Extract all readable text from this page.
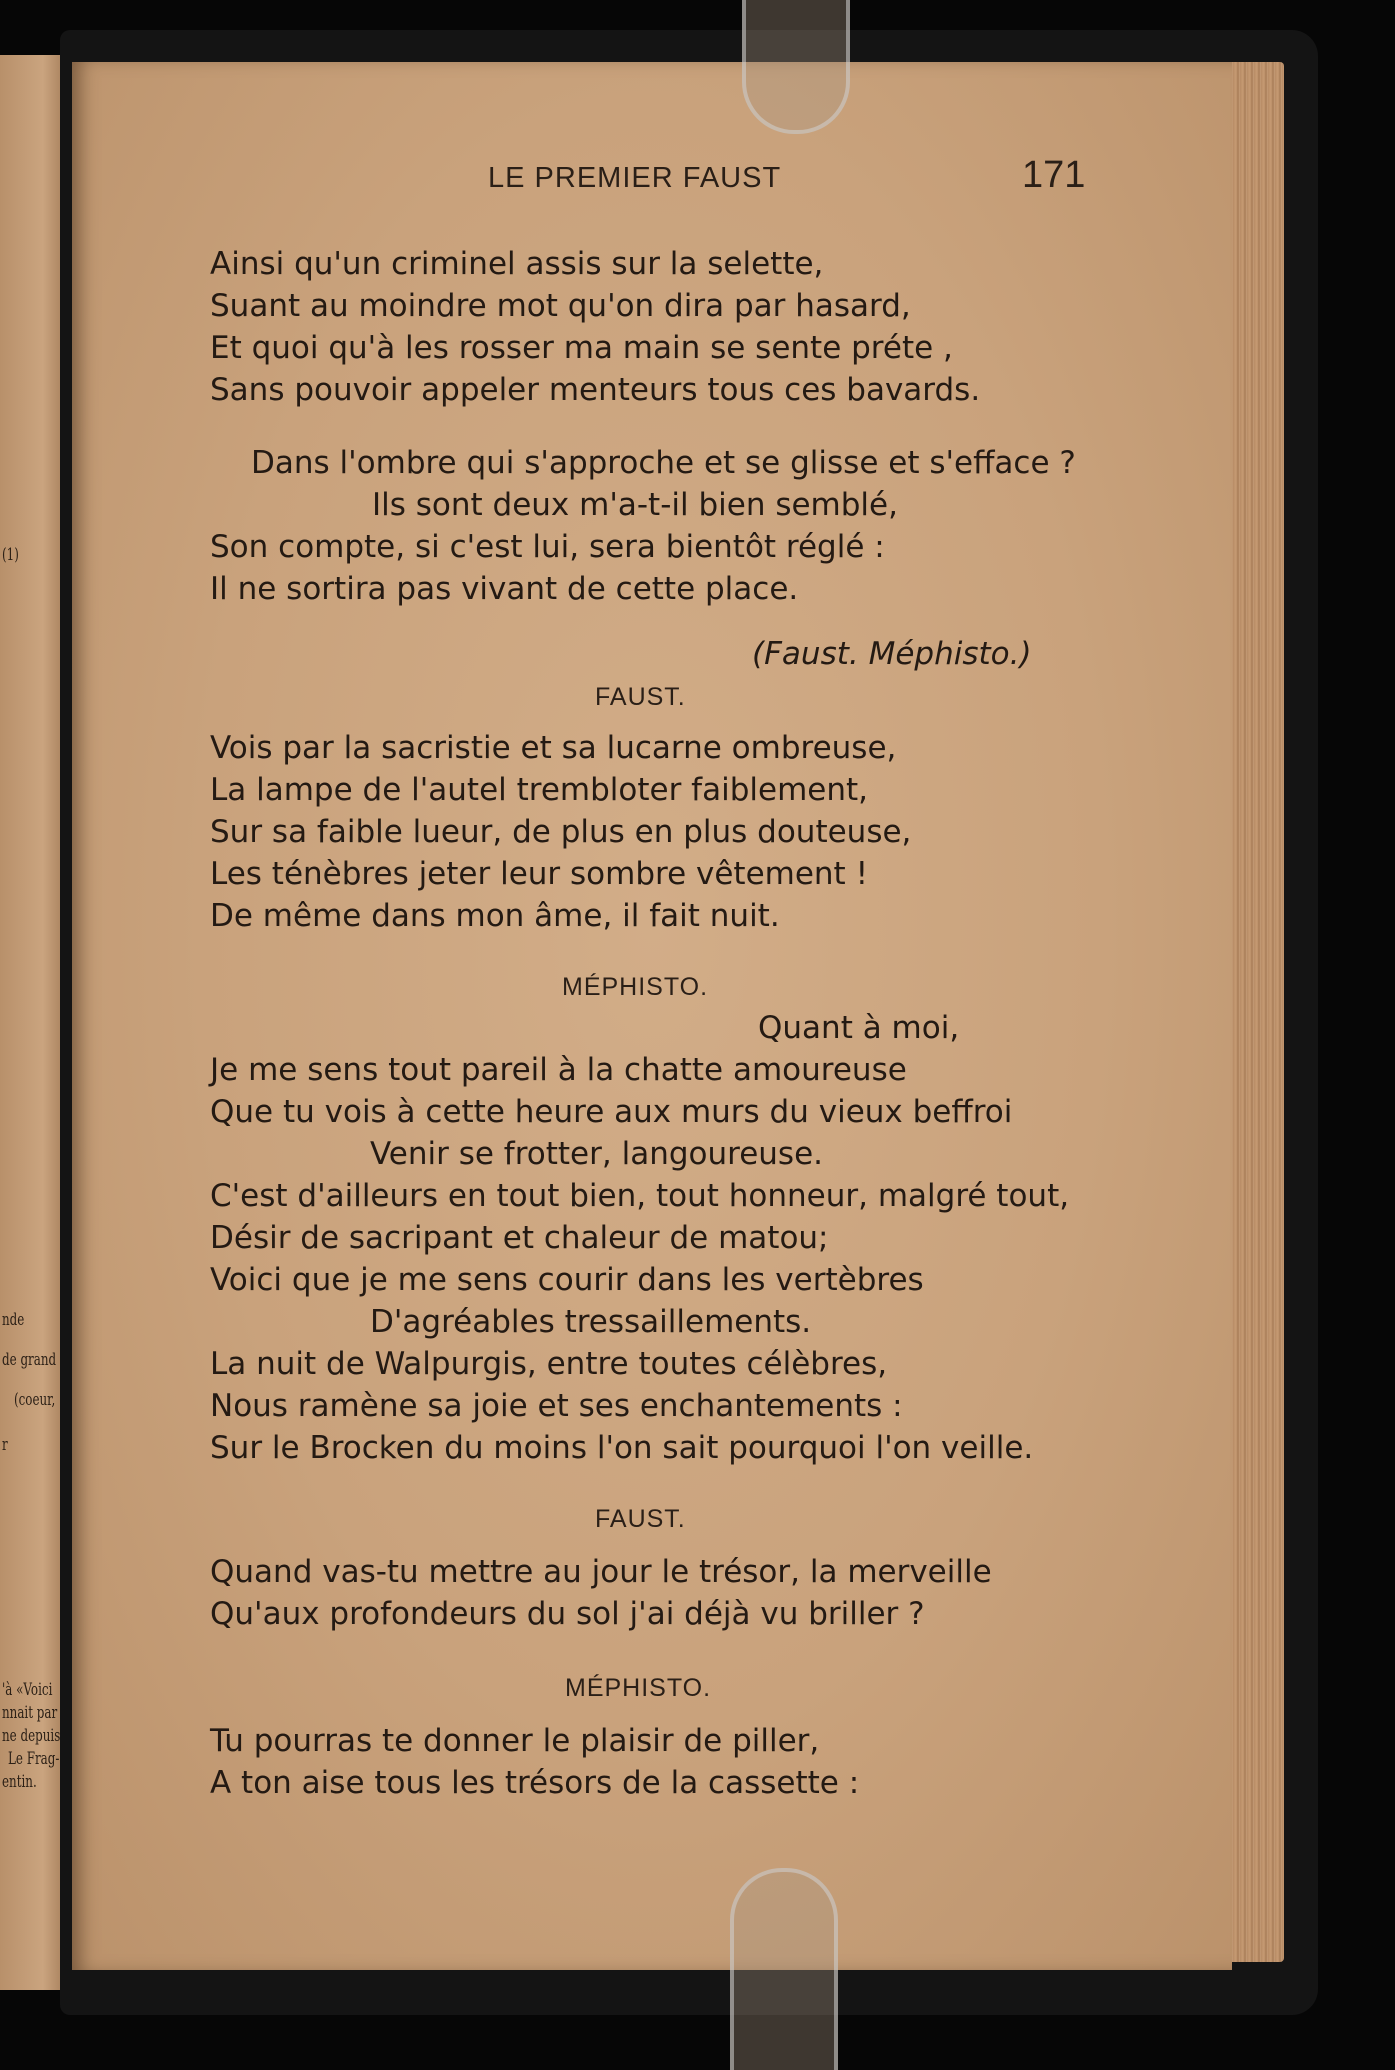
(1)
nde
de grand
(coeur,
r
'à «Voici
nnait par
ne depuis
Le Frag-
entin.
LE PREMIER FAUST	171
Ainsi qu'un criminel assis sur la selette,
Suant au moindre mot qu'on dira par hasard,
Et quoi qu'à les rosser ma main se sente préte ,
Sans pouvoir appeler menteurs tous ces bavards.
Dans l'ombre qui s'approche et se glisse et s'efface ?
Ils sont deux m'a-t-il bien semblé,
Son compte, si c'est lui, sera bientôt réglé :
Il ne sortira pas vivant de cette place.
(Faust. Méphisto.)
FAUST.
Vois par la sacristie et sa lucarne ombreuse,
La lampe de l'autel trembloter faiblement,
Sur sa faible lueur, de plus en plus douteuse,
Les ténèbres jeter leur sombre vêtement !
De même dans mon âme, il fait nuit.
MÉPHISTO.
Quant à moi,
Je me sens tout pareil à la chatte amoureuse
Que tu vois à cette heure aux murs du vieux beffroi
Venir se frotter, langoureuse.
C'est d'ailleurs en tout bien, tout honneur, malgré tout,
Désir de sacripant et chaleur de matou;
Voici que je me sens courir dans les vertèbres
D'agréables tressaillements.
La nuit de Walpurgis, entre toutes célèbres,
Nous ramène sa joie et ses enchantements :
Sur le Brocken du moins l'on sait pourquoi l'on veille.
FAUST.
Quand vas-tu mettre au jour le trésor, la merveille
Qu'aux profondeurs du sol j'ai déjà vu briller ?
MÉPHISTO.
Tu pourras te donner le plaisir de piller,
A ton aise tous les trésors de la cassette :
